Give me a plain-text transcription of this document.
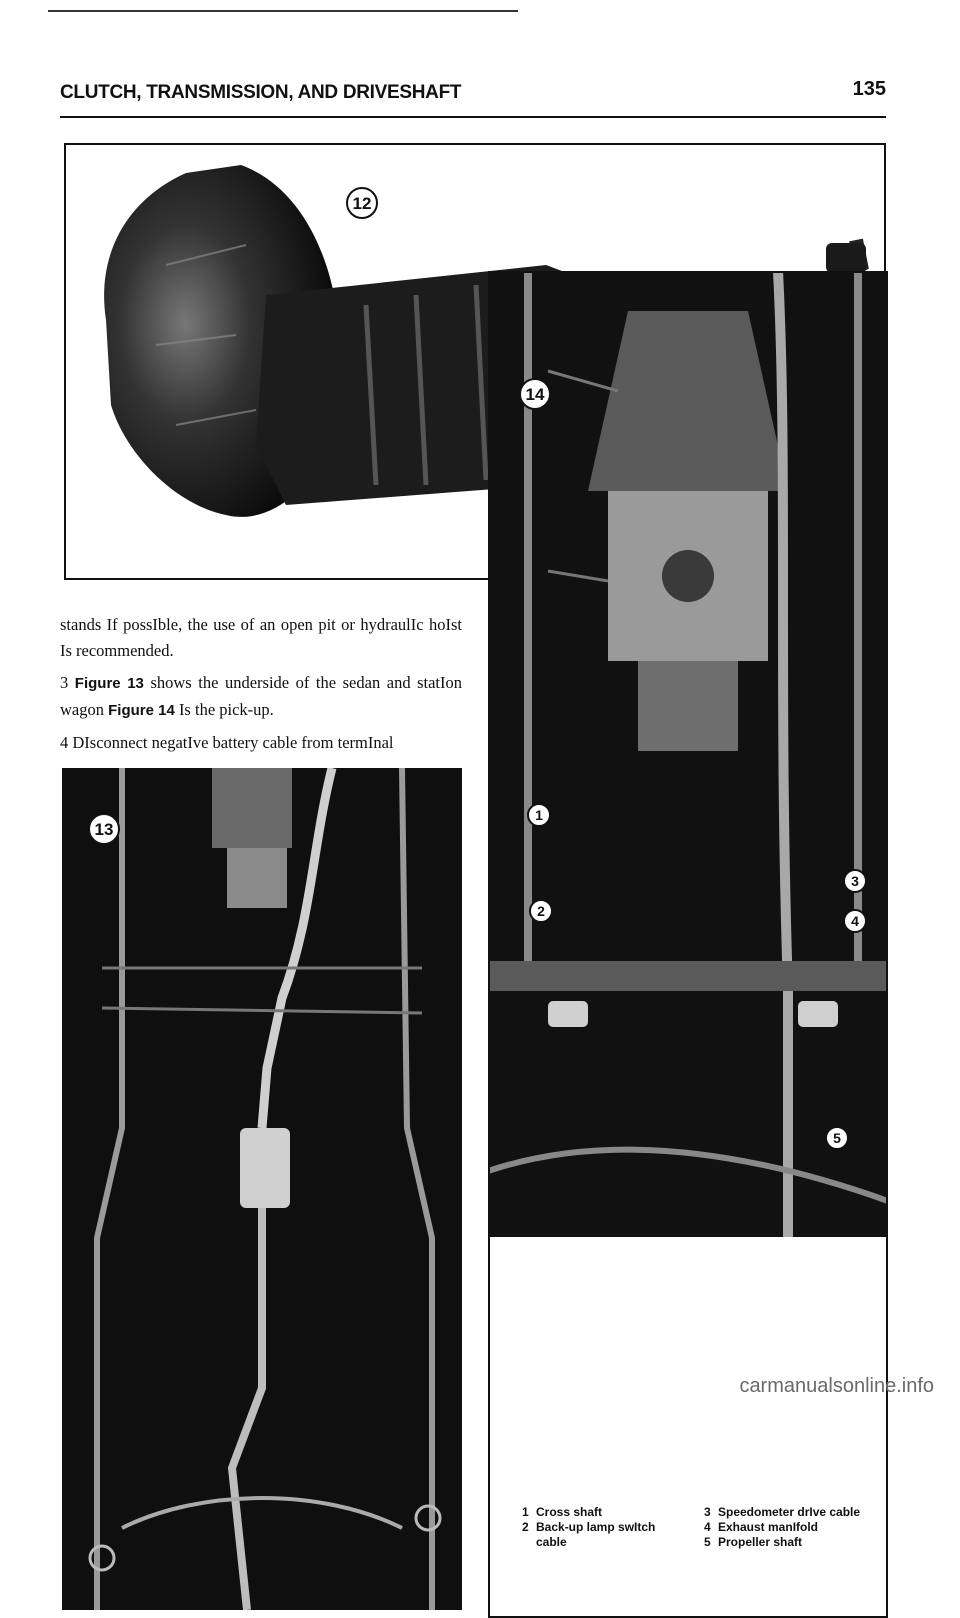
CLUTCH, TRANSMISSION, AND DRIVESHAFT	135
12

stands If possIble, the use of an open pit or hydraulIc hoIst Is recommended.

3 Figure 13 shows the underside of the sedan and statIon wagon Figure 14 Is the pick-up.

4 DIsconnect negatIve battery cable from termInal

13
14
1
2
3
4
5
1 Cross shaft
2 Back-up lamp swItch
cable
3 Speedometer drIve cable
4 Exhaust manIfold
5 Propeller shaft
carmanualsonline.info
